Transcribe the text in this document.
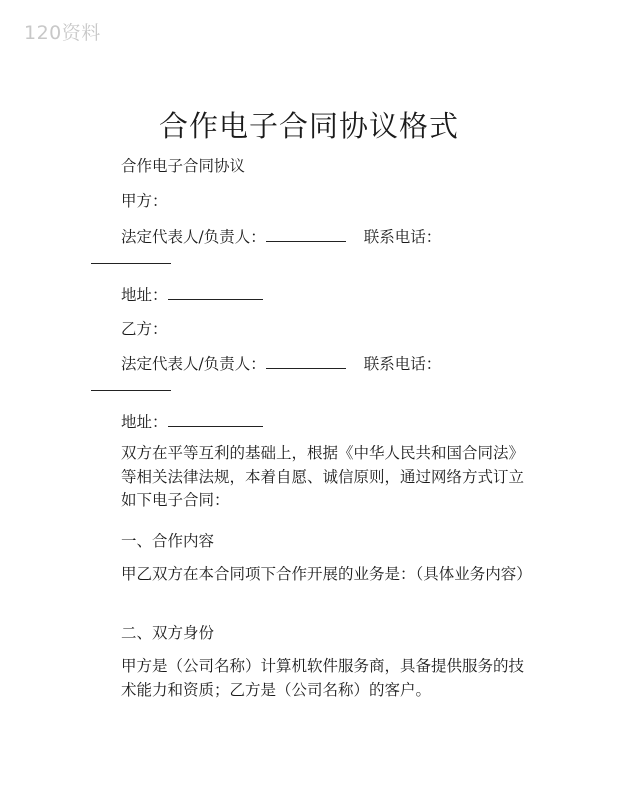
120资料
合作电子合同协议格式
合作电子合同协议
甲方：
法定代表人/负责人：	联系电话：
地址：
乙方：
法定代表人/负责人：	联系电话：
地址：
双方在平等互利的基础上，根据《中华人民共和国合同法》等相关法律法规，本着自愿、诚信原则，通过网络方式订立如下电子合同：
一、合作内容
甲乙双方在本合同项下合作开展的业务是：（具体业务内容）
二、双方身份
甲方是（公司名称）计算机软件服务商，具备提供服务的技术能力和资质；乙方是（公司名称）的客户。
